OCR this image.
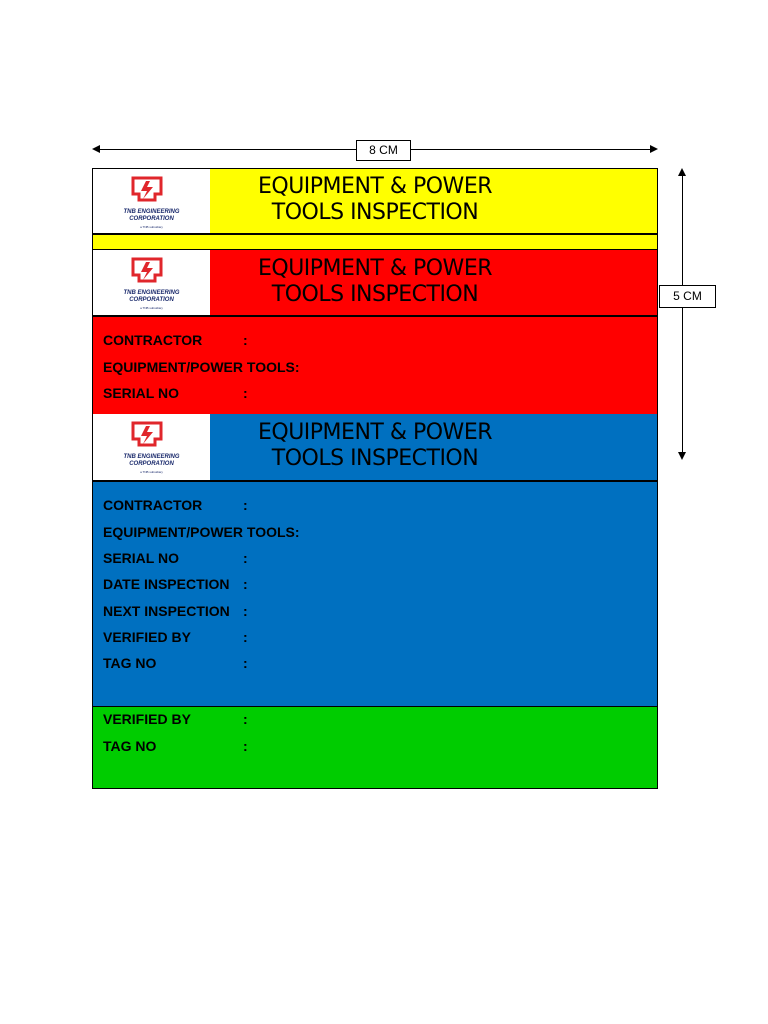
8 CM
5 CM
TNB ENGINEERING
CORPORATION
a TNB subsidiary
EQUIPMENT & POWER
TOOLS INSPECTION
TNB ENGINEERING
CORPORATION
a TNB subsidiary
EQUIPMENT & POWER
TOOLS INSPECTION
CONTRACTOR	:
EQUIPMENT/POWER TOOLS:
SERIAL NO	:
TNB ENGINEERING
CORPORATION
a TNB subsidiary
EQUIPMENT & POWER
TOOLS INSPECTION
CONTRACTOR	:
EQUIPMENT/POWER TOOLS:
SERIAL NO	:
DATE INSPECTION :
NEXT INSPECTION :
VERIFIED BY	:
TAG NO	:
VERIFIED BY	:
TAG NO	:
